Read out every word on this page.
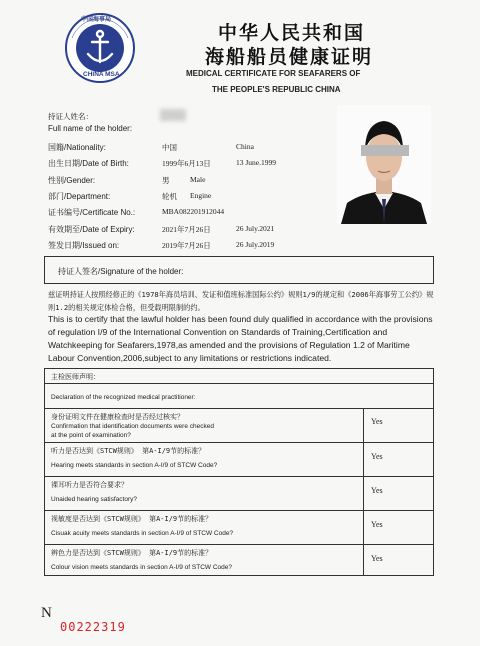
中国海事局
CHINA MSA
中华人民共和国
海船船员健康证明
MEDICAL CERTIFICATE FOR SEAFARERS OF
THE PEOPLE'S REPUBLIC CHINA
持证人姓名：
Full name of the holder:
国籍/Nationality:	中国	China
出生日期/Date of Birth:	1999年6月13日	13 June.1999
性别/Gender:	男	Male
部门/Department:	轮机 Engine
证书编号/Certificate No.:	MBA082201912044
有效期至/Date of Expiry:	2021年7月26日	26 July.2021
签发日期/Issued on:	2019年7月26日	26 July.2019
持证人签名/Signature of the holder:
兹证明持证人按照经修正的《1978年海员培训、发证和值班标准国际公约》规则1/9的规定和《2006年海事劳工公约》规则1.2的相关规定体检合格，但受载明限制的约。
This is to certify that the lawful holder has been found duly qualified in accordance with the provisions of regulation I/9 of the International Convention on Standards of Training,Certification and Watchkeeping for Seafarers,1978,as amended and the provisions of Regulation 1.2 of Maritime Labour Convention,2006,subject to any limitations or restrictions indicated.
主检医师声明：
Declaration of the recognized medical practitioner:
身份证明文件在健康检查时是否经过核实？
Confirmation that identification documents were checked
at the point of examination?
Yes
听力是否达到《STCW规则》 第A-I/9节的标准？
Hearing meets standards in section A-I/9 of STCW Code?
Yes
裸耳听力是否符合要求？
Unaided hearing satisfactory?
Yes
视敏度是否达到《STCW规则》 第A-I/9节的标准？
Cisuak acuity meets standards in section A-I/9 of STCW Code?
Yes
辨色力是否达到《STCW规则》 第A-I/9节的标准？
Colour vision meets standards in section A-I/9 of STCW Code?
Yes
N
00222319
